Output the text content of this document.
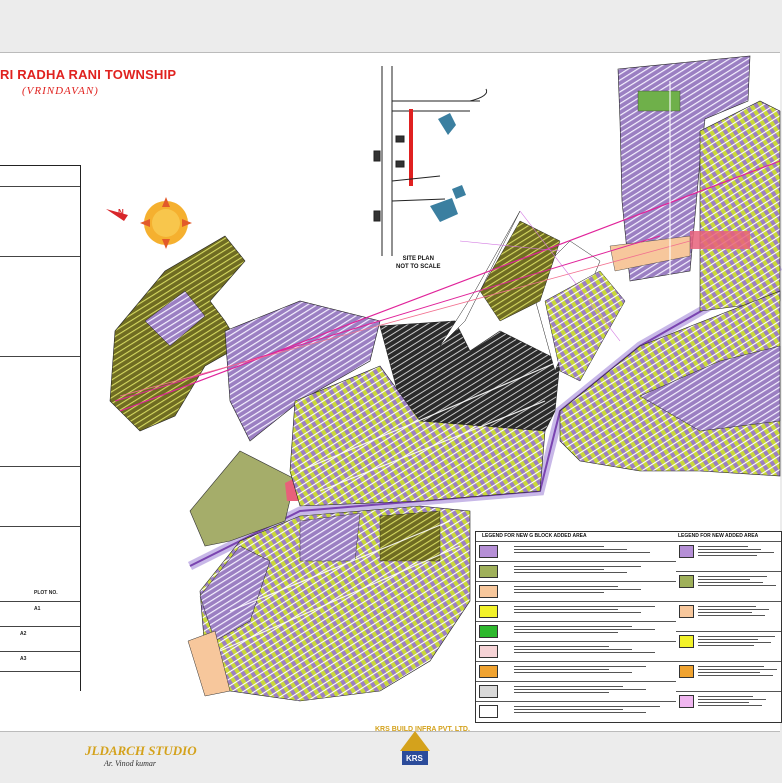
RI RADHA RANI TOWNSHIP
(VRINDAVAN)
A1
A2
A3
PLOT NO.
N
SITE PLAN
NOT TO SCALE
LEGEND FOR NEW G BLOCK ADDED AREA	LEGEND FOR NEW ADDED AREA
JLDARCH STUDIO
Ar. Vinod kumar
KRS
KRS BUILD INFRA PVT. LTD.
